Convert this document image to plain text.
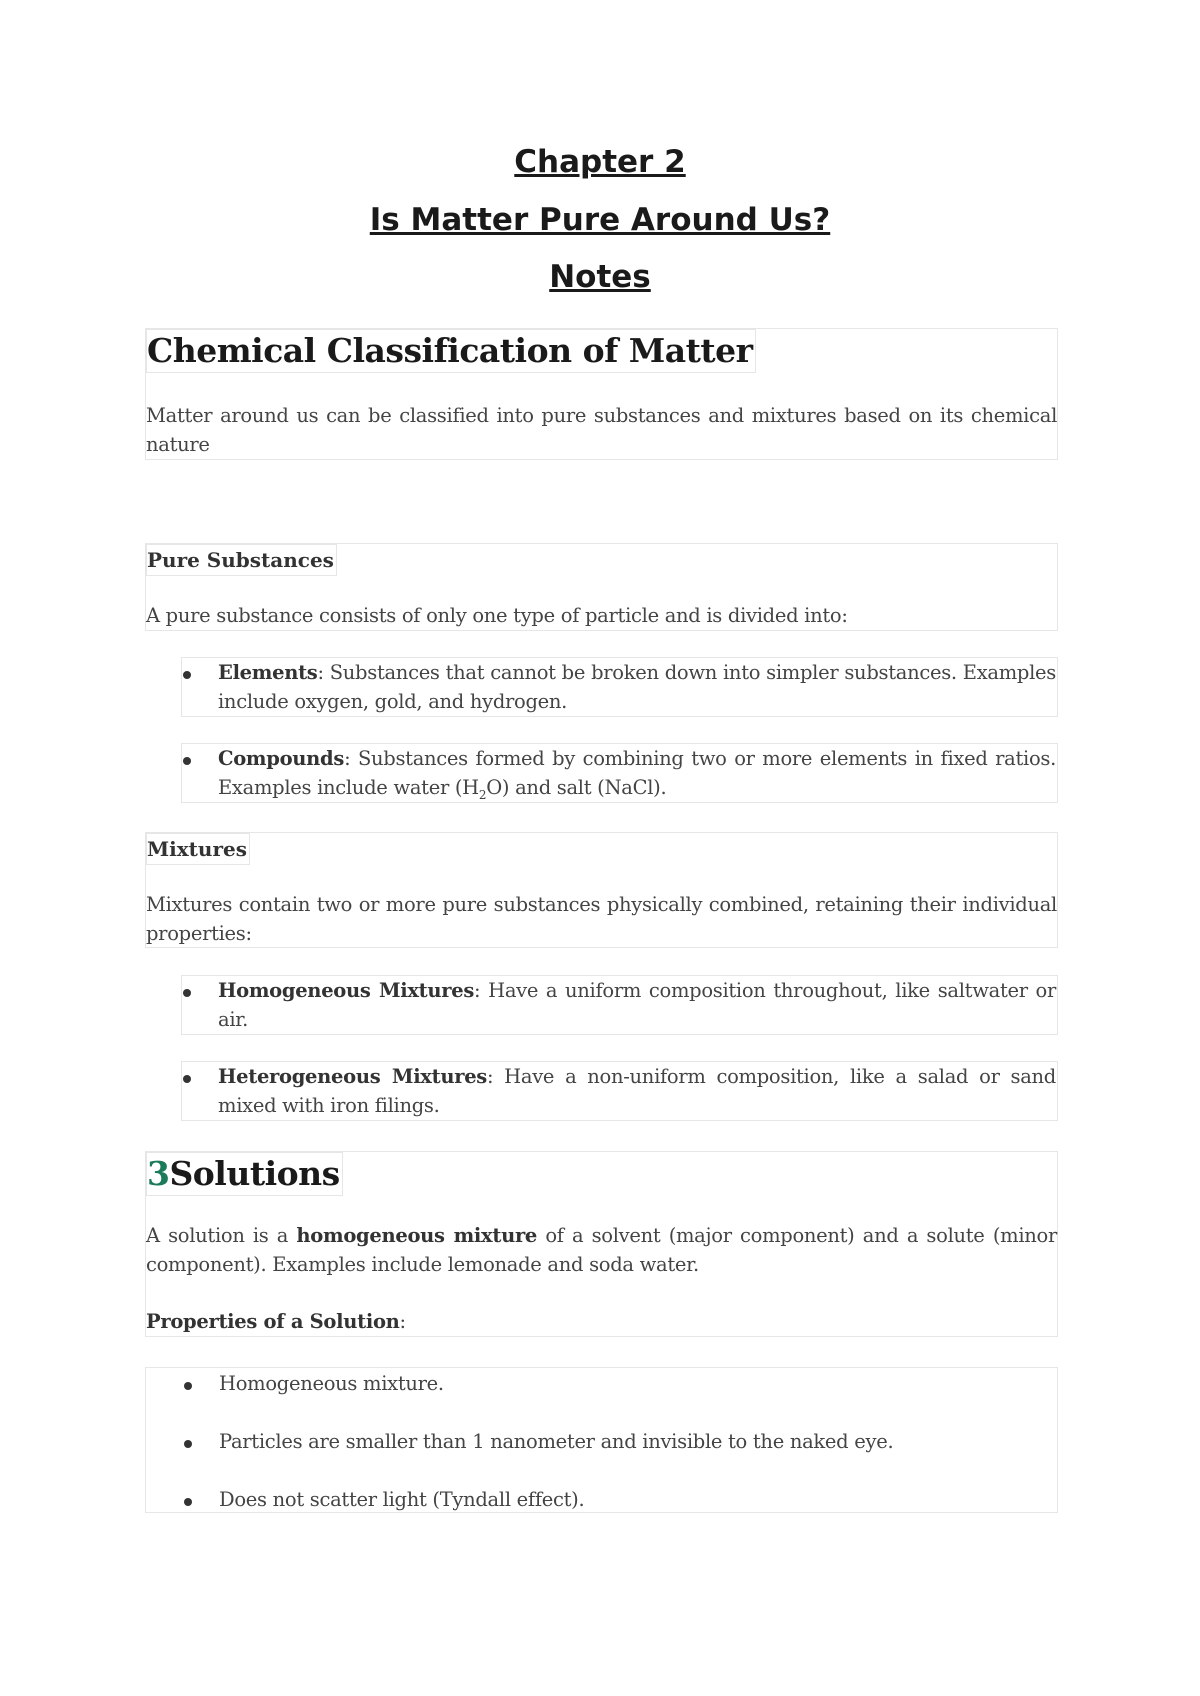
Chapter 2
Is Matter Pure Around Us?
Notes
Chemical Classification of Matter

Matter around us can be classified into pure substances and mixtures based on its chemical nature

Pure Substances

A pure substance consists of only one type of particle and is divided into:

Elements: Substances that cannot be broken down into simpler substances. Examples include oxygen, gold, and hydrogen.

Compounds: Substances formed by combining two or more elements in fixed ratios. Examples include water $(H_2O)$ and salt (NaCl).

Mixtures

Mixtures contain two or more pure substances physically combined, retaining their individual properties:

Homogeneous Mixtures: Have a uniform composition throughout, like saltwater or air.

Heterogeneous Mixtures: Have a non-uniform composition, like a salad or sand mixed with iron filings.

3Solutions

A solution is a homogeneous mixture of a solvent (major component) and a solute (minor component). Examples include lemonade and soda water.

Properties of a Solution:

Homogeneous mixture.

Particles are smaller than 1 nanometer and invisible to the naked eye.

Does not scatter light (Tyndall effect).
